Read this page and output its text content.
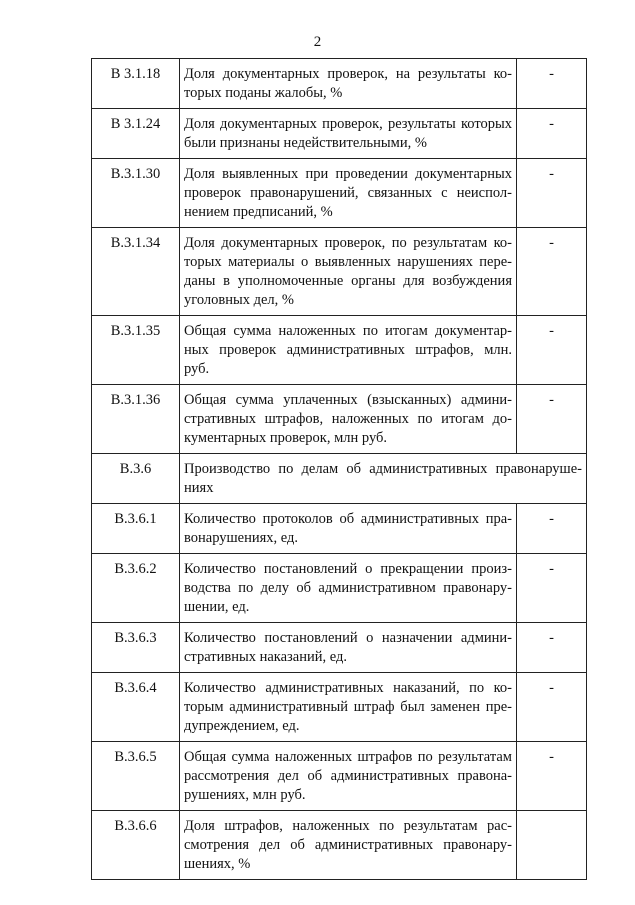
2
В 3.1.18	Доля документарных проверок, на результаты которых поданы жалобы, %	-
В 3.1.24	Доля документарных проверок, результаты которых были признаны недействительными, %	-
В.3.1.30	Доля выявленных при проведении документарных проверок правонарушений, связанных с неисполнением предписаний, %	-
В.3.1.34	Доля документарных проверок, по результатам которых материалы о выявленных нарушениях переданы в уполномоченные органы для возбуждения уголовных дел, %	-
В.3.1.35	Общая сумма наложенных по итогам документарных проверок административных штрафов, млн. руб.	-
В.3.1.36	Общая сумма уплаченных (взысканных) административных штрафов, наложенных по итогам документарных проверок, млн руб.	-
В.3.6	Производство по делам об административных правонарушениях	
В.3.6.1	Количество протоколов об административных правонарушениях, ед.	-
В.3.6.2	Количество постановлений о прекращении производства по делу об административном правонарушении, ед.	-
В.3.6.3	Количество постановлений о назначении административных наказаний, ед.	-
В.3.6.4	Количество административных наказаний, по которым административный штраф был заменен предупреждением, ед.	-
В.3.6.5	Общая сумма наложенных штрафов по результатам рассмотрения дел об административных правонарушениях, млн руб.	-
В.3.6.6	Доля штрафов, наложенных по результатам рассмотрения дел об административных правонарушениях, %	
